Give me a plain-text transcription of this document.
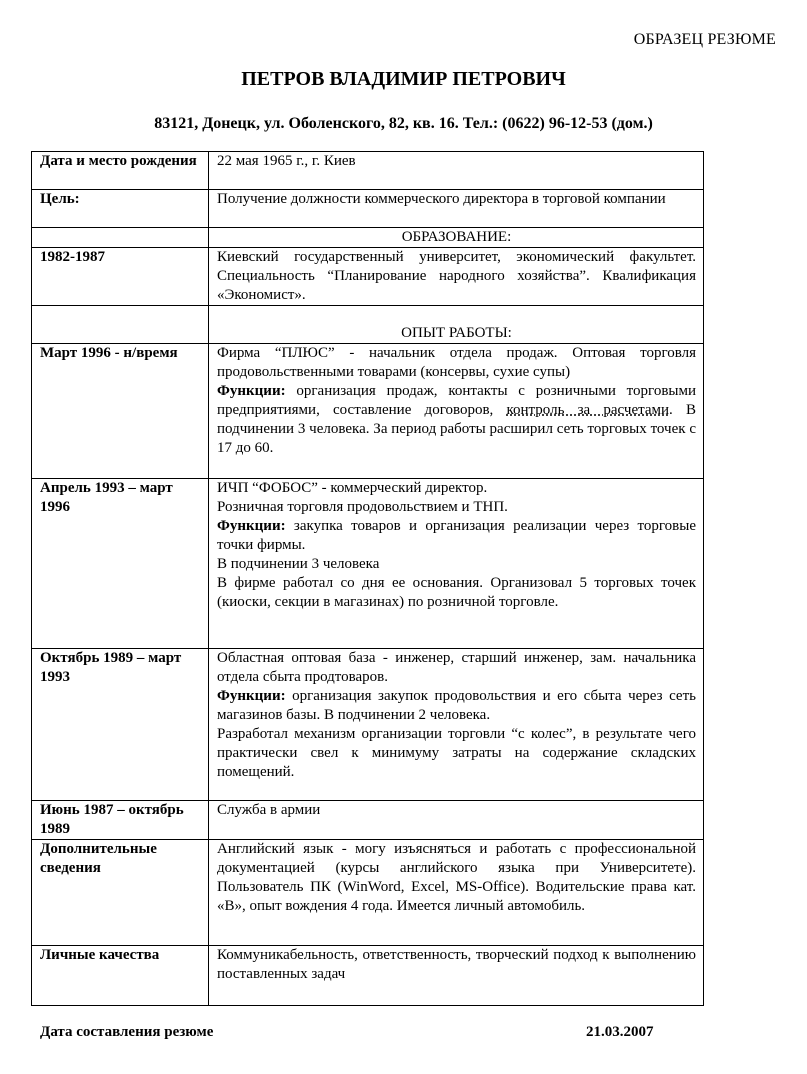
ОБРАЗЕЦ РЕЗЮМЕ
ПЕТРОВ ВЛАДИМИР ПЕТРОВИЧ
83121, Донецк, ул. Оболенского, 82, кв. 16. Тел.: (0622) 96-12-53 (дом.)
Дата и место рождения	22 мая 1965 г., г. Киев
Цель:	Получение должности коммерческого директора в торговой компании
	ОБРАЗОВАНИЕ:
1982-1987	Киевский государственный университет, экономический факультет. Специальность “Планирование народного хозяйства”. Квалификация «Экономист».
	ОПЫТ РАБОТЫ:
Март 1996 - н/время	Фирма “ПЛЮС” - начальник отдела продаж. Оптовая торговля продовольственными товарами (консервы, сухие супы)
Функции: организация продаж, контакты с розничными торговыми предприятиями, составление договоров, контроль за расчетами. В подчинении 3 человека. За период работы расширил сеть торговых точек с 17 до 60.

Апрель 1993 – март 1996	ИЧП “ФОБОС” - коммерческий директор.
Розничная торговля продовольствием и ТНП.
Функции: закупка товаров и организация реализации через торговые точки фирмы.
В подчинении 3 человека
В фирме работал со дня ее основания. Организовал 5 торговых точек (киоски, секции в магазинах) по розничной торговле.

Октябрь 1989 – март 1993	Областная оптовая база - инженер, старший инженер, зам. начальника отдела сбыта продтоваров.
Функции: организация закупок продовольствия и его сбыта через сеть магазинов базы. В подчинении 2 человека.
Разработал механизм организации торговли “с колес”, в результате чего практически свел к минимуму затраты на содержание складских помещений.

Июнь 1987 – октябрь 1989	Служба в армии
Дополнительные сведения	Английский язык - могу изъясняться и работать с профессиональной документацией (курсы английского языка при Университете). Пользователь ПК (WinWord, Excel, MS-Office). Водительские права кат. «В», опыт вождения 4 года. Имеется личный автомобиль.
Личные качества	Коммуникабельность, ответственность, творческий подход к выполнению поставленных задач
Дата составления резюме	21.03.2007
